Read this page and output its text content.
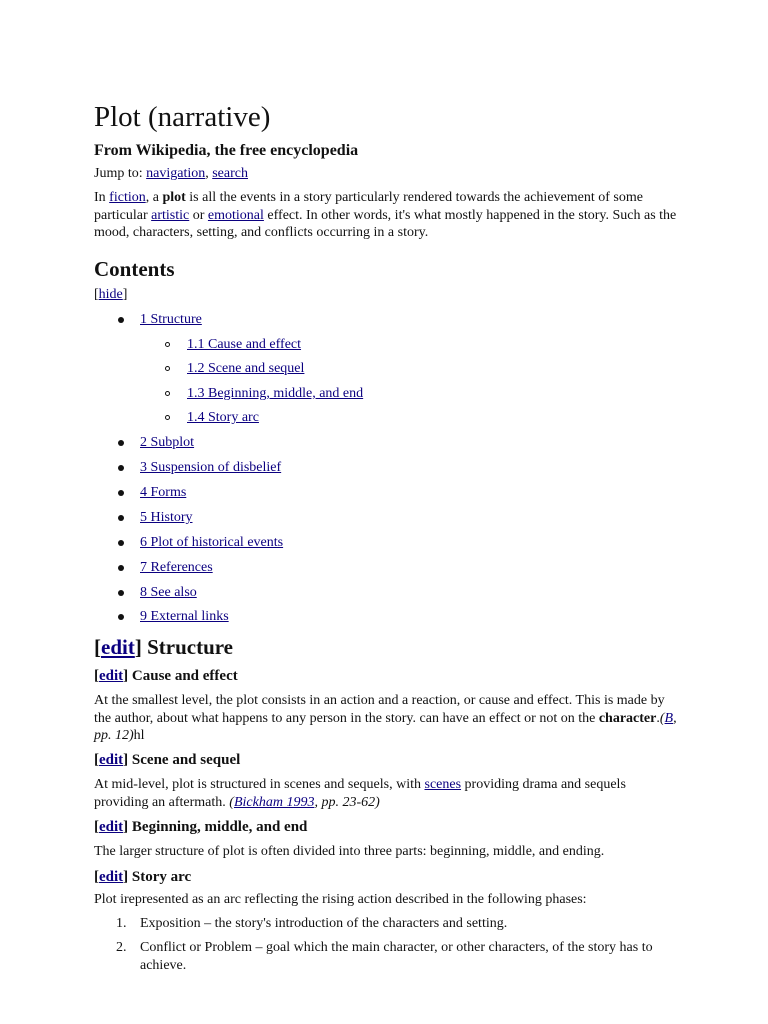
Plot (narrative)
From Wikipedia, the free encyclopedia
Jump to: navigation, search
In fiction, a plot is all the events in a story particularly rendered towards the achievement of some particular artistic or emotional effect. In other words, it's what mostly happened in the story. Such as the mood, characters, setting, and conflicts occurring in a story.
Contents
[hide]
1 Structure
1.1 Cause and effect
1.2 Scene and sequel
1.3 Beginning, middle, and end
1.4 Story arc
2 Subplot
3 Suspension of disbelief
4 Forms
5 History
6 Plot of historical events
7 References
8 See also
9 External links
[edit] Structure
[edit] Cause and effect
At the smallest level, the plot consists in an action and a reaction, or cause and effect. This is made by the author, about what happens to any person in the story. can have an effect or not on the character.(B, pp. 12)hl
[edit] Scene and sequel
At mid-level, plot is structured in scenes and sequels, with scenes providing drama and sequels providing an aftermath. (Bickham 1993, pp. 23-62)
[edit] Beginning, middle, and end
The larger structure of plot is often divided into three parts: beginning, middle, and ending.
[edit] Story arc
Plot irepresented as an arc reflecting the rising action described in the following phases:
1. Exposition – the story's introduction of the characters and setting.
2. Conflict or Problem – goal which the main character, or other characters, of the story has to achieve.
